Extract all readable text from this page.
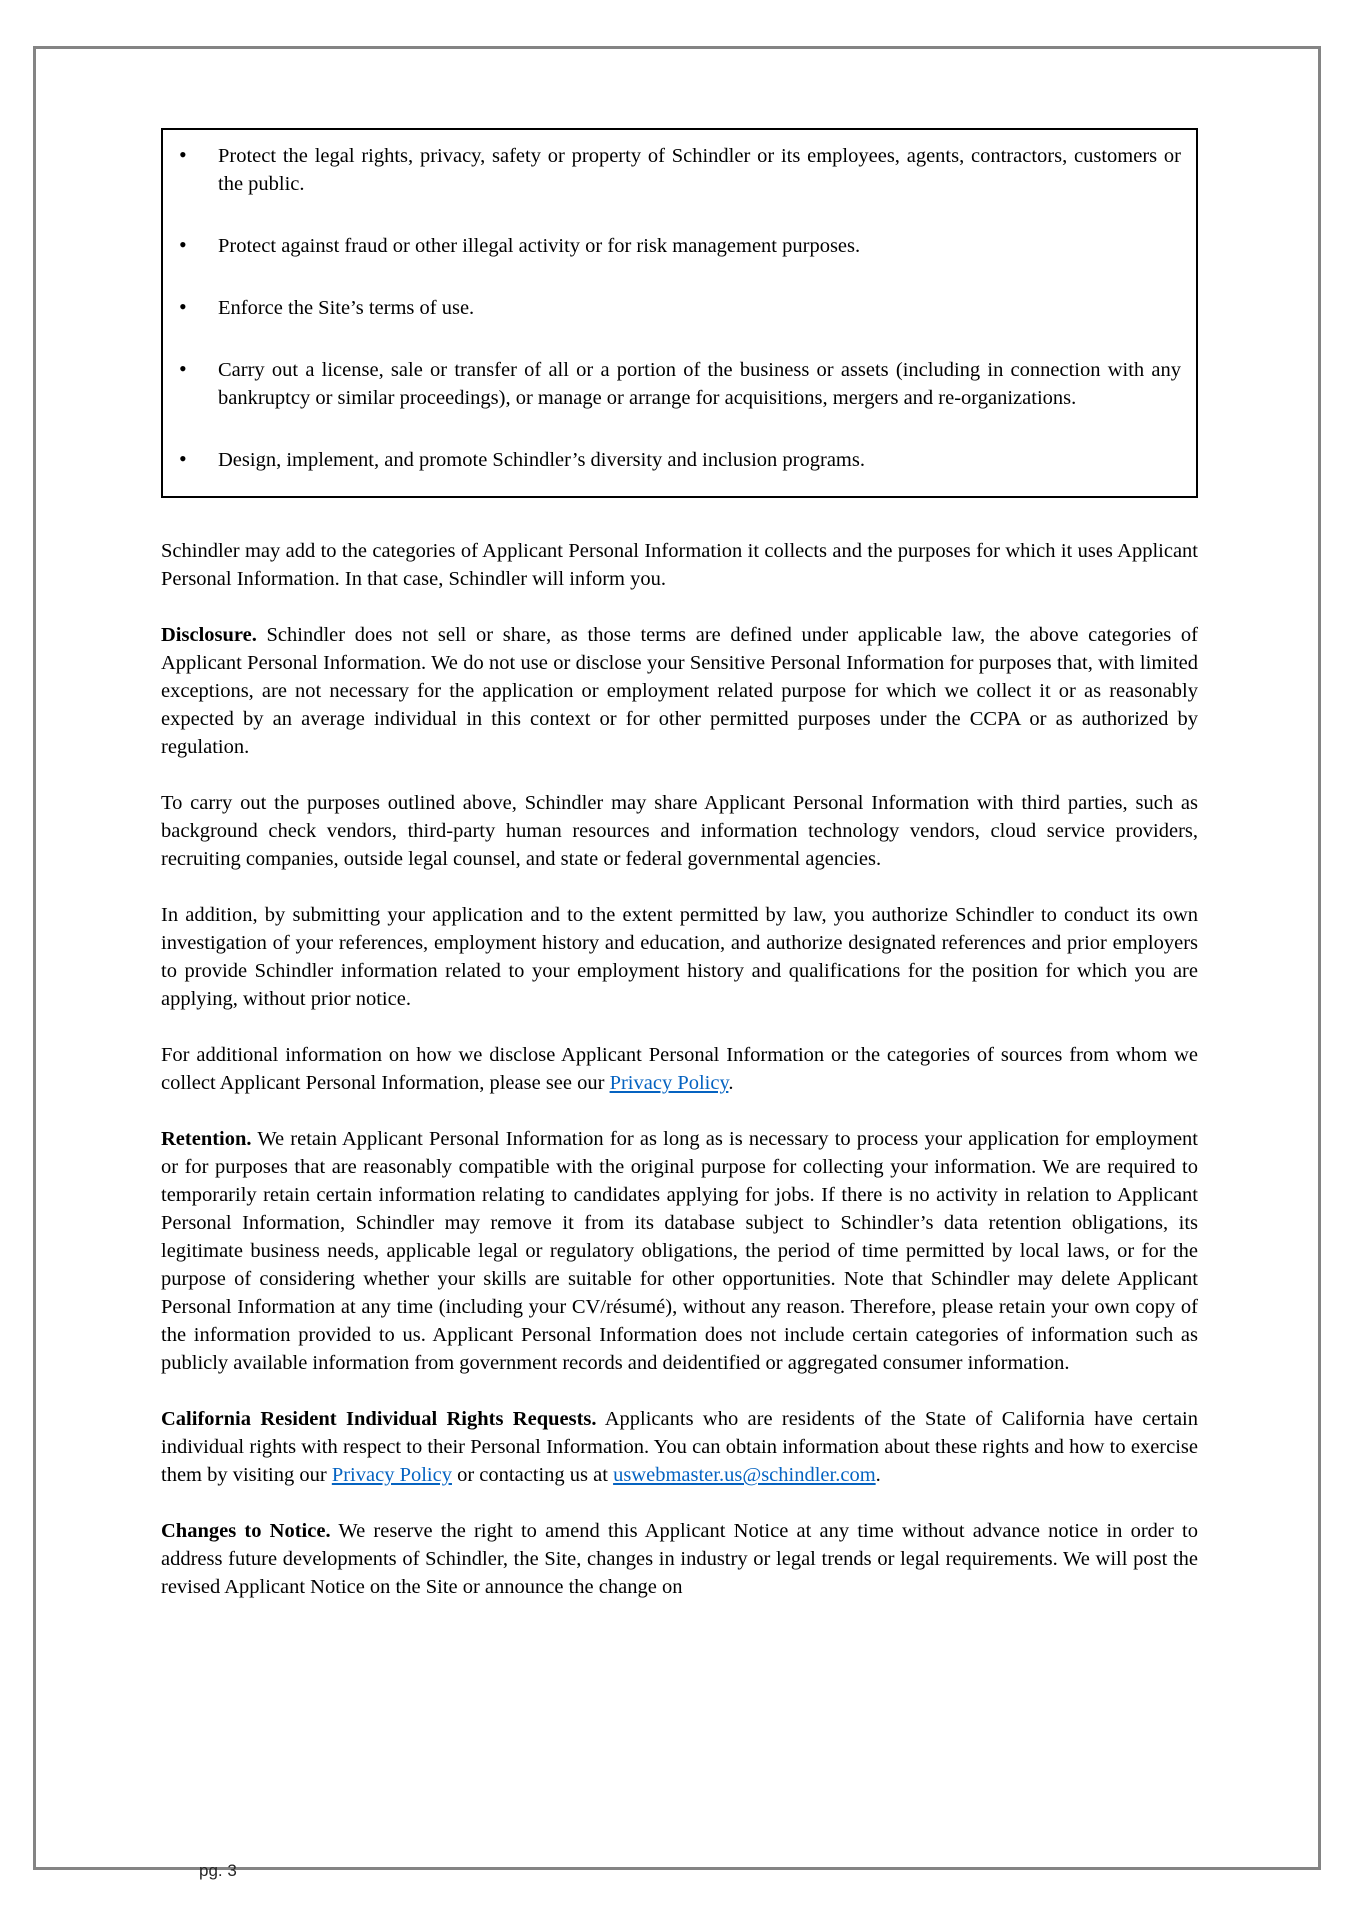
• Protect the legal rights, privacy, safety or property of Schindler or its employees, agents, contractors, customers or the public.
• Protect against fraud or other illegal activity or for risk management purposes.
• Enforce the Site’s terms of use.
• Carry out a license, sale or transfer of all or a portion of the business or assets (including in connection with any bankruptcy or similar proceedings), or manage or arrange for acquisitions, mergers and re-organizations.
• Design, implement, and promote Schindler’s diversity and inclusion programs.

Schindler may add to the categories of Applicant Personal Information it collects and the purposes for which it uses Applicant Personal Information. In that case, Schindler will inform you.

Disclosure. Schindler does not sell or share, as those terms are defined under applicable law, the above categories of Applicant Personal Information. We do not use or disclose your Sensitive Personal Information for purposes that, with limited exceptions, are not necessary for the application or employment related purpose for which we collect it or as reasonably expected by an average individual in this context or for other permitted purposes under the CCPA or as authorized by regulation.

To carry out the purposes outlined above, Schindler may share Applicant Personal Information with third parties, such as background check vendors, third-party human resources and information technology vendors, cloud service providers, recruiting companies, outside legal counsel, and state or federal governmental agencies.

In addition, by submitting your application and to the extent permitted by law, you authorize Schindler to conduct its own investigation of your references, employment history and education, and authorize designated references and prior employers to provide Schindler information related to your employment history and qualifications for the position for which you are applying, without prior notice.

For additional information on how we disclose Applicant Personal Information or the categories of sources from whom we collect Applicant Personal Information, please see our Privacy Policy.

Retention. We retain Applicant Personal Information for as long as is necessary to process your application for employment or for purposes that are reasonably compatible with the original purpose for collecting your information. We are required to temporarily retain certain information relating to candidates applying for jobs. If there is no activity in relation to Applicant Personal Information, Schindler may remove it from its database subject to Schindler’s data retention obligations, its legitimate business needs, applicable legal or regulatory obligations, the period of time permitted by local laws, or for the purpose of considering whether your skills are suitable for other opportunities. Note that Schindler may delete Applicant Personal Information at any time (including your CV/résumé), without any reason. Therefore, please retain your own copy of the information provided to us. Applicant Personal Information does not include certain categories of information such as publicly available information from government records and deidentified or aggregated consumer information.

California Resident Individual Rights Requests. Applicants who are residents of the State of California have certain individual rights with respect to their Personal Information. You can obtain information about these rights and how to exercise them by visiting our Privacy Policy or contacting us at uswebmaster.us@schindler.com.

Changes to Notice. We reserve the right to amend this Applicant Notice at any time without advance notice in order to address future developments of Schindler, the Site, changes in industry or legal trends or legal requirements. We will post the revised Applicant Notice on the Site or announce the change on

pg. 3
